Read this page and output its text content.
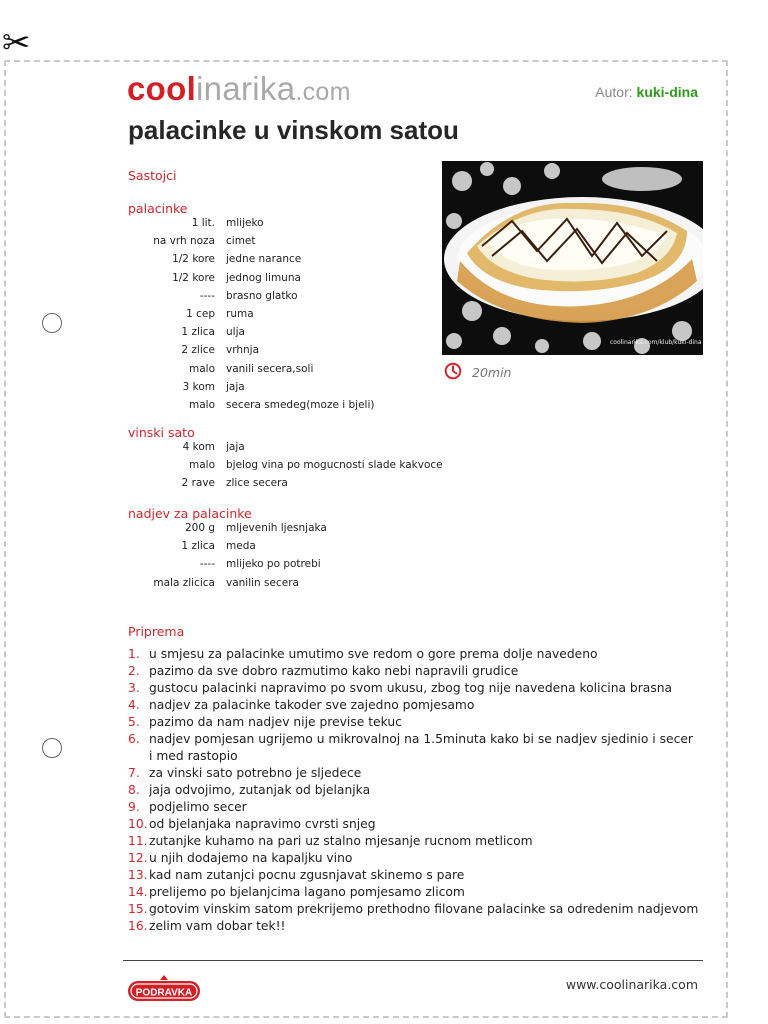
✂
coolinarika.com	Autor: kuki-dina
palacinke u vinskom satou
Sastojci
palacinke
1 lit. mlijeko
na vrh noza cimet
1/2 kore jedne narance
1/2 kore jednog limuna
---- brasno glatko
1 cep ruma
1 zlica ulja
2 zlice vrhnja
malo vanili secera,soli
3 kom jaja
malo secera smedeg(moze i bjeli)
vinski sato
4 kom jaja
malo bjelog vina po mogucnosti slade kakvoce
2 rave zlice secera
nadjev za palacinke
200 g mljevenih ljesnjaka
1 zlica meda
---- mlijeko po potrebi
mala zlicica vanilin secera
coolinarika.com/klub/kuki-dina
20min
Priprema
1. u smjesu za palacinke umutimo sve redom o gore prema dolje navedeno
2. pazimo da sve dobro razmutimo kako nebi napravili grudice
3. gustocu palacinki napravimo po svom ukusu, zbog tog nije navedena kolicina brasna
4. nadjev za palacinke takoder sve zajedno pomjesamo
5. pazimo da nam nadjev nije previse tekuc
6. nadjev pomjesan ugrijemo u mikrovalnoj na 1.5minuta kako bi se nadjev sjedinio i secer i med rastopio
7. za vinski sato potrebno je sljedece
8. jaja odvojimo, zutanjak od bjelanjka
9. podjelimo secer
10. od bjelanjaka napravimo cvrsti snjeg
11. zutanjke kuhamo na pari uz stalno mjesanje rucnom metlicom
12. u njih dodajemo na kapaljku vino
13. kad nam zutanjci pocnu zgusnjavat skinemo s pare
14. prelijemo po bjelanjcima lagano pomjesamo zlicom
15. gotovim vinskim satom prekrijemo prethodno filovane palacinke sa odredenim nadjevom
16. zelim vam dobar tek!!
PODRAVKA
www.coolinarika.com
